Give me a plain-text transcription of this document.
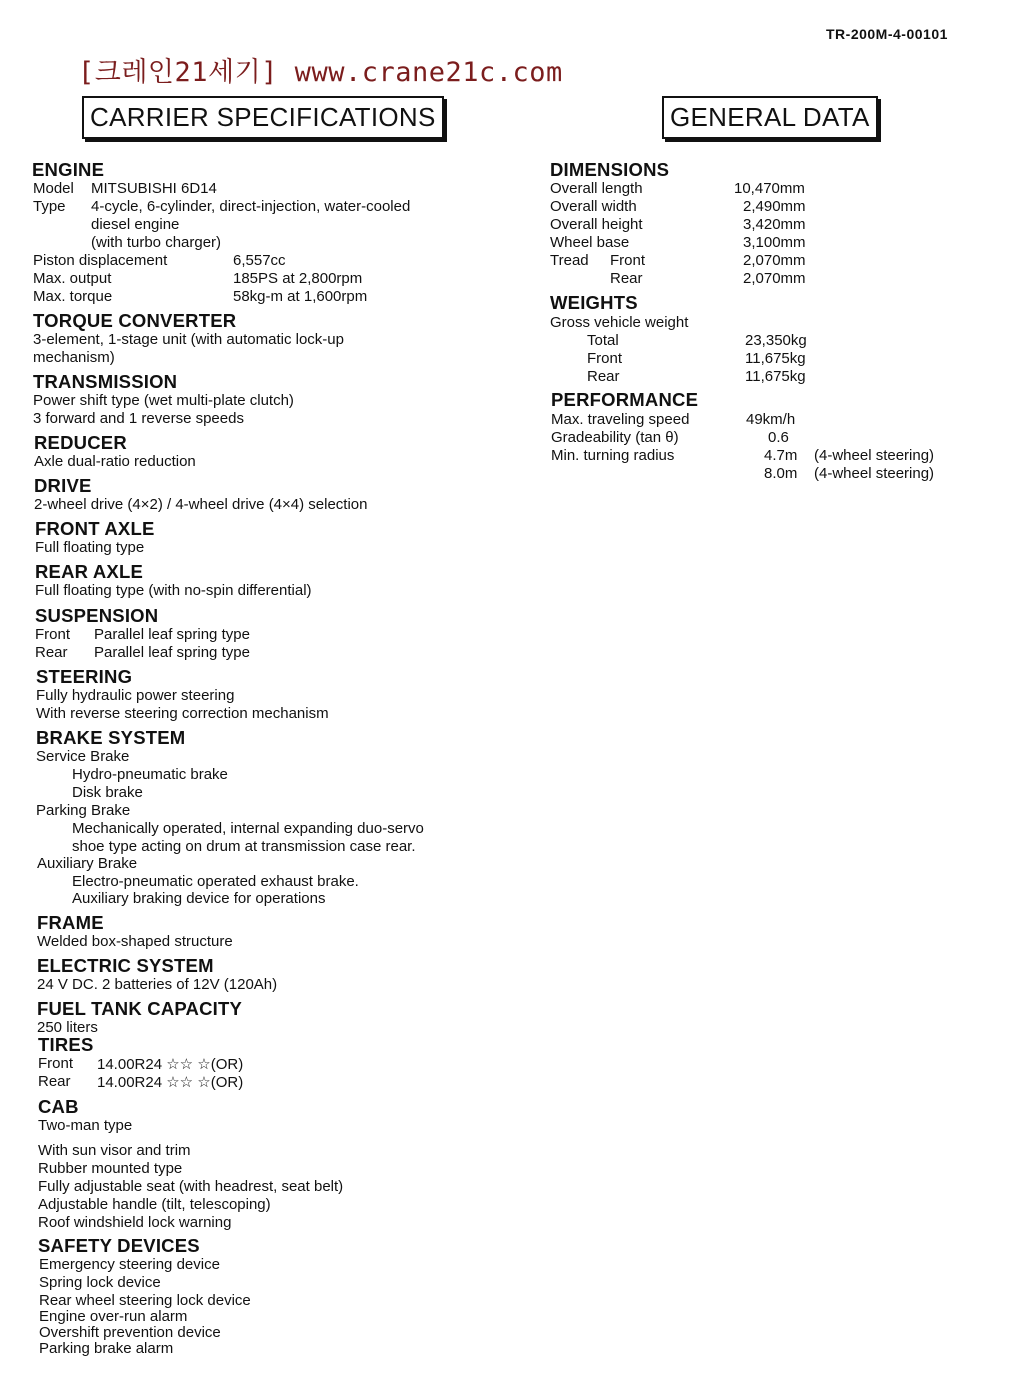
TR-200M-4-00101
[크레인21세기] www.crane21c.com
CARRIER SPECIFICATIONS	GENERAL DATA
ENGINE
Model MITSUBISHI 6D14
Type 4-cycle, 6-cylinder, direct-injection, water-cooled
diesel engine
(with turbo charger)
Piston displacement	6,557cc
Max. output	185PS at 2,800rpm
Max. torque	58kg-m at 1,600rpm
TORQUE CONVERTER
3-element, 1-stage unit (with automatic lock-up
mechanism)
TRANSMISSION
Power shift type (wet multi-plate clutch)
3 forward and 1 reverse speeds
REDUCER
Axle dual-ratio reduction
DRIVE
2-wheel drive (4×2) / 4-wheel drive (4×4) selection
FRONT AXLE
Full floating type
REAR AXLE
Full floating type (with no-spin differential)
SUSPENSION
Front Parallel leaf spring type
Rear Parallel leaf spring type
STEERING
Fully hydraulic power steering
With reverse steering correction mechanism
BRAKE SYSTEM
Service Brake
Hydro-pneumatic brake
Disk brake
Parking Brake
Mechanically operated, internal expanding duo-servo
shoe type acting on drum at transmission case rear.
Auxiliary Brake
Electro-pneumatic operated exhaust brake.
Auxiliary braking device for operations
FRAME
Welded box-shaped structure
ELECTRIC SYSTEM
24 V DC. 2 batteries of 12V (120Ah)
FUEL TANK CAPACITY
250 liters
TIRES
Front 14.00R24 ☆☆ ☆(OR)
Rear 14.00R24 ☆☆ ☆(OR)
CAB
Two-man type
With sun visor and trim
Rubber mounted type
Fully adjustable seat (with headrest, seat belt)
Adjustable handle (tilt, telescoping)
Roof windshield lock warning
SAFETY DEVICES
Emergency steering device
Spring lock device
Rear wheel steering lock device
Engine over-run alarm
Overshift prevention device
Parking brake alarm
DIMENSIONS
Overall length	10,470mm
Overall width	2,490mm
Overall height	3,420mm
Wheel base	3,100mm
Tread Front	2,070mm
Rear	2,070mm
WEIGHTS
Gross vehicle weight
Total	23,350kg
Front	11,675kg
Rear	11,675kg
PERFORMANCE
Max. traveling speed	49km/h
Gradeability (tan θ)	0.6
Min. turning radius	4.7m (4-wheel steering)
8.0m (4-wheel steering)
